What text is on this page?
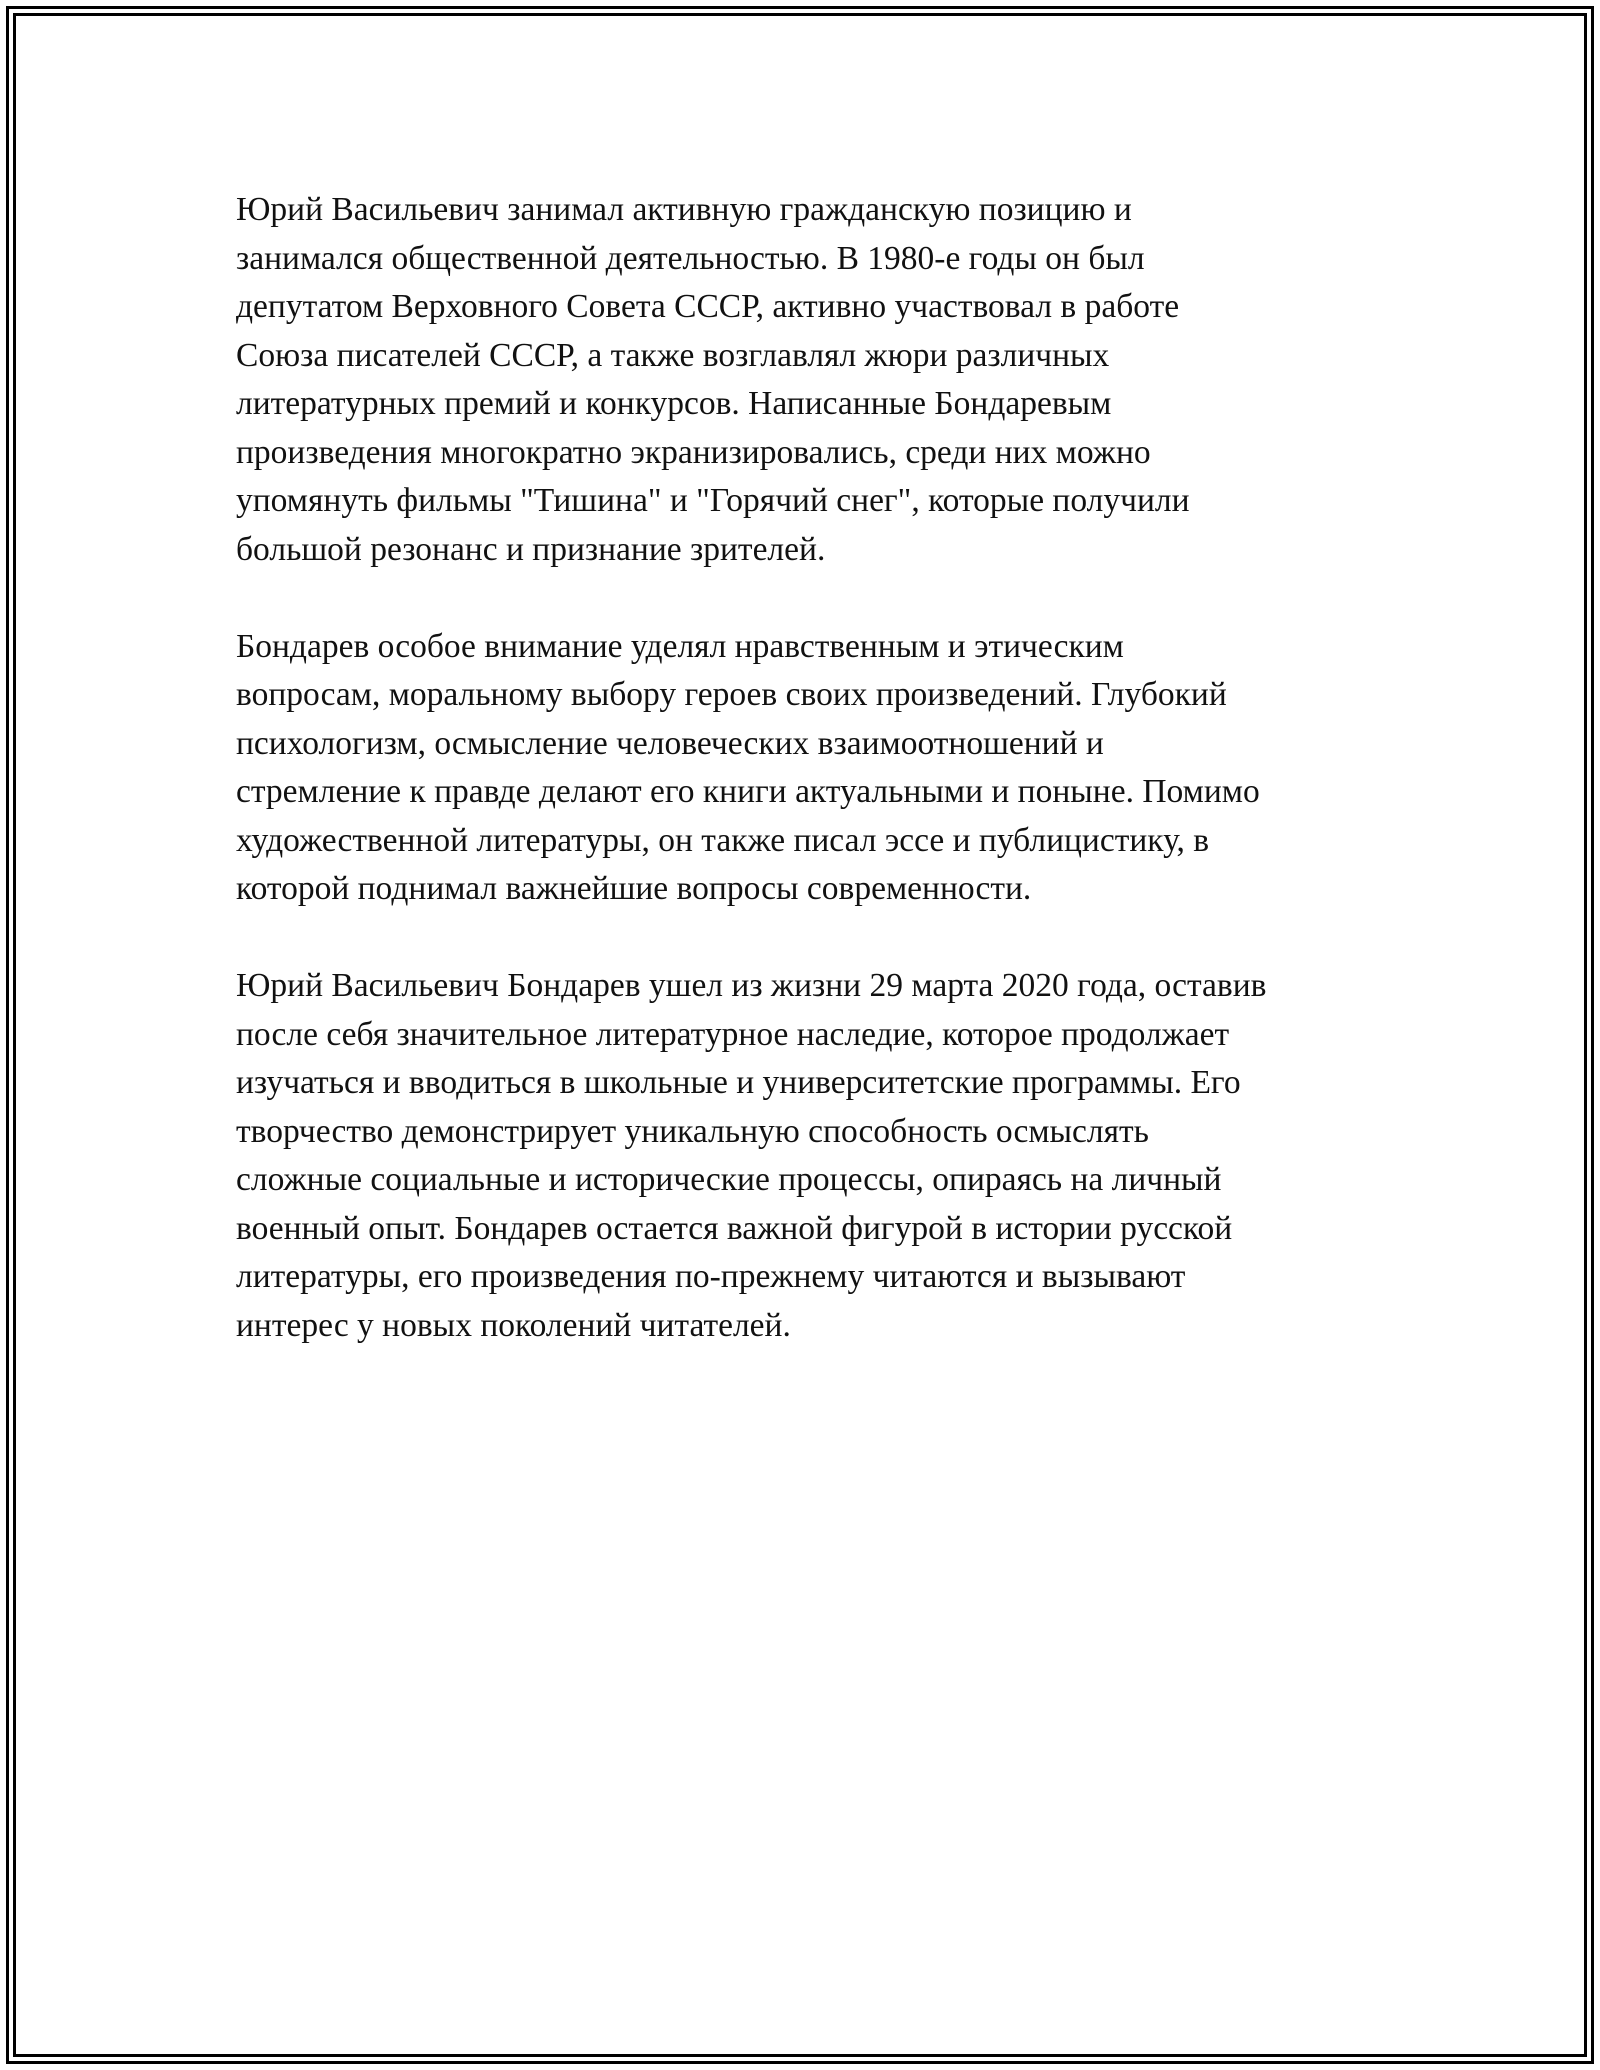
Юрий Васильевич занимал активную гражданскую позицию и
занимался общественной деятельностью. В 1980-е годы он был
депутатом Верховного Совета СССР, активно участвовал в работе
Союза писателей СССР, а также возглавлял жюри различных
литературных премий и конкурсов. Написанные Бондаревым
произведения многократно экранизировались, среди них можно
упомянуть фильмы "Тишина" и "Горячий снег", которые получили
большой резонанс и признание зрителей.

Бондарев особое внимание уделял нравственным и этическим
вопросам, моральному выбору героев своих произведений. Глубокий
психологизм, осмысление человеческих взаимоотношений и
стремление к правде делают его книги актуальными и поныне. Помимо
художественной литературы, он также писал эссе и публицистику, в
которой поднимал важнейшие вопросы современности.

Юрий Васильевич Бондарев ушел из жизни 29 марта 2020 года, оставив
после себя значительное литературное наследие, которое продолжает
изучаться и вводиться в школьные и университетские программы. Его
творчество демонстрирует уникальную способность осмыслять
сложные социальные и исторические процессы, опираясь на личный
военный опыт. Бондарев остается важной фигурой в истории русской
литературы, его произведения по-прежнему читаются и вызывают
интерес у новых поколений читателей.
